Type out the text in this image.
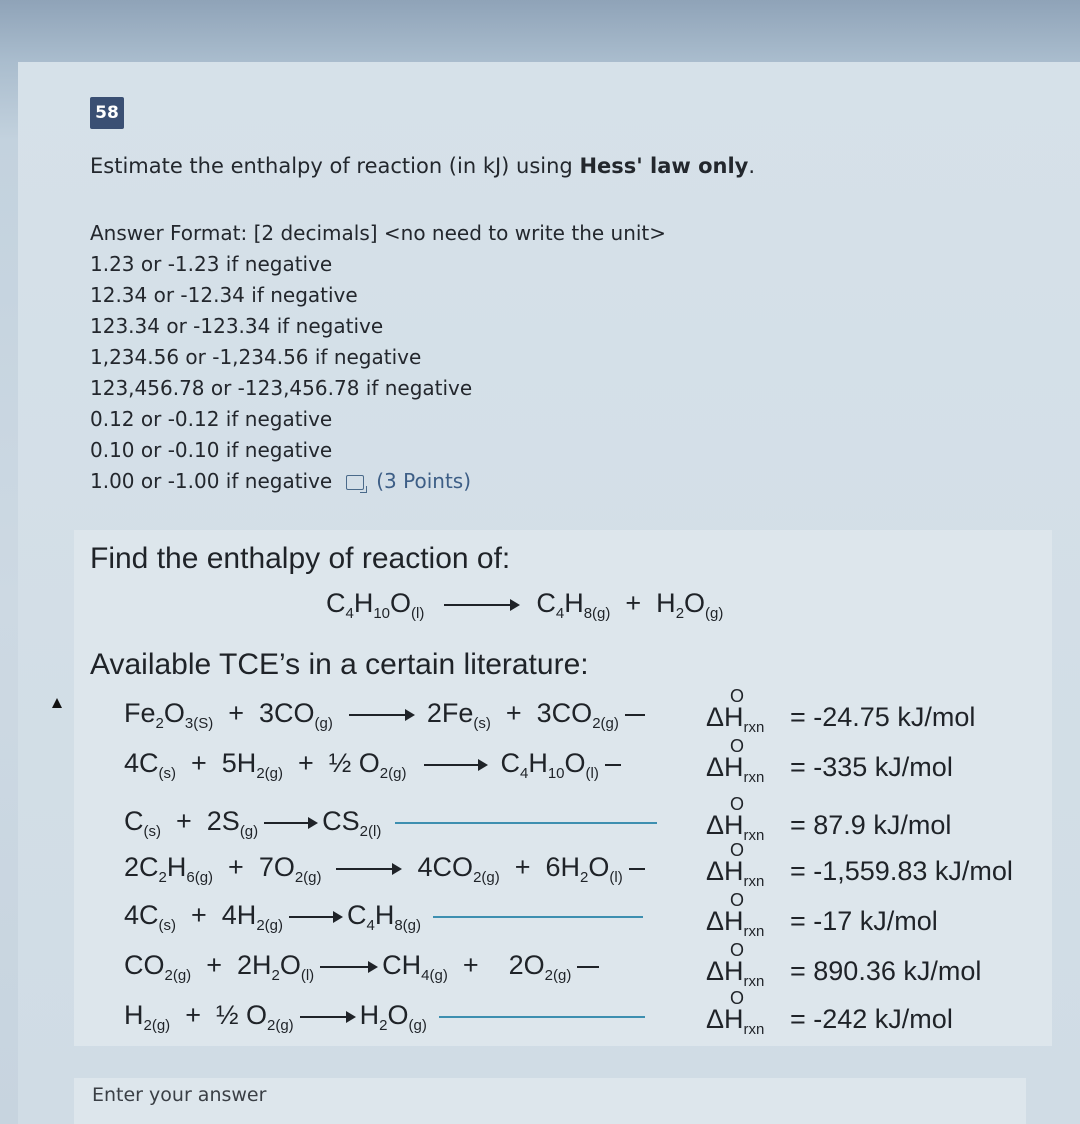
58
Estimate the enthalpy of reaction (in kJ) using Hess' law only.
Answer Format: [2 decimals] <no need to write the unit>
1.23 or -1.23 if negative
12.34 or -12.34 if negative
123.34 or -123.34 if negative
1,234.56 or -1,234.56 if negative
123,456.78 or -123,456.78 if negative
0.12 or -0.12 if negative
0.10 or -0.10 if negative
1.00 or -1.00 if negative (3 Points)
Find the enthalpy of reaction of:
$C_4H_{10}O_{(l)} \to C_4H_{8(g)} + H_2O_{(g)}$
Available TCE’s in a certain literature:
$Fe_2O_{3(S)} + 3CO_{(g)} \to 2Fe_{(s)} + 3CO_{2(g)}$
$4C_{(s)} + 5H_{2(g)}$  +  ½ $O_{2(g)} \to C_4H_{10}O_{(l)}$
$C_{(s)} + 2S_{(g)} \to CS_{2(l)}$
$2C_2H_{6(g)} + 7O_{2(g)} \to 4CO_{2(g)} + 6H_2O_{(l)}$
$4C_{(s)} + 4H_{2(g)} \to C_4H_{8(g)}$
$CO_{2(g)} + 2H_2O_{(l)} \to CH_{4(g)}$  +    $2O_{2(g)}$
$H_{2(g)}$  +  ½ $O_{2(g)} \to H_2O_{(g)}$
O
$\Delta H_{rxn}$
O
$\Delta H_{rxn}$
O
$\Delta H_{rxn}$
O
$\Delta H_{rxn}$
O
$\Delta H_{rxn}$
O
$\Delta H_{rxn}$
O
$\Delta H_{rxn}$
= -24.75 kJ/mol
= -335 kJ/mol
= 87.9 kJ/mol
= -1,559.83 kJ/mol
= -17 kJ/mol
= 890.36 kJ/mol
= -242 kJ/mol
Enter your answer
